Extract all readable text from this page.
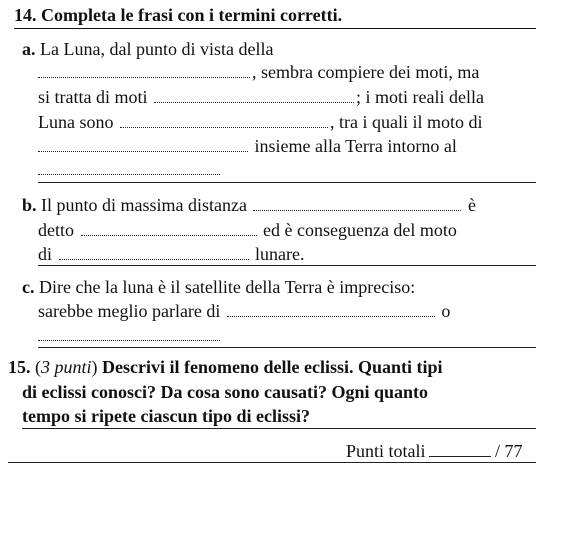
14. Completa le frasi con i termini corretti.
a. La Luna, dal punto di vista della
, sembra compiere dei moti, ma
si tratta di moti	; i moti reali della
Luna sono	, tra i quali il moto di
insieme alla Terra intorno al
b. Il punto di massima distanza	è
detto	ed è conseguenza del moto
di	lunare.
c. Dire che la luna è il satellite della Terra è impreciso:
sarebbe meglio parlare di	o
15. (3 punti) Descrivi il fenomeno delle eclissi. Quanti tipi
di eclissi conosci? Da cosa sono causati? Ogni quanto
tempo si ripete ciascun tipo di eclissi?
Punti totali	/ 77
